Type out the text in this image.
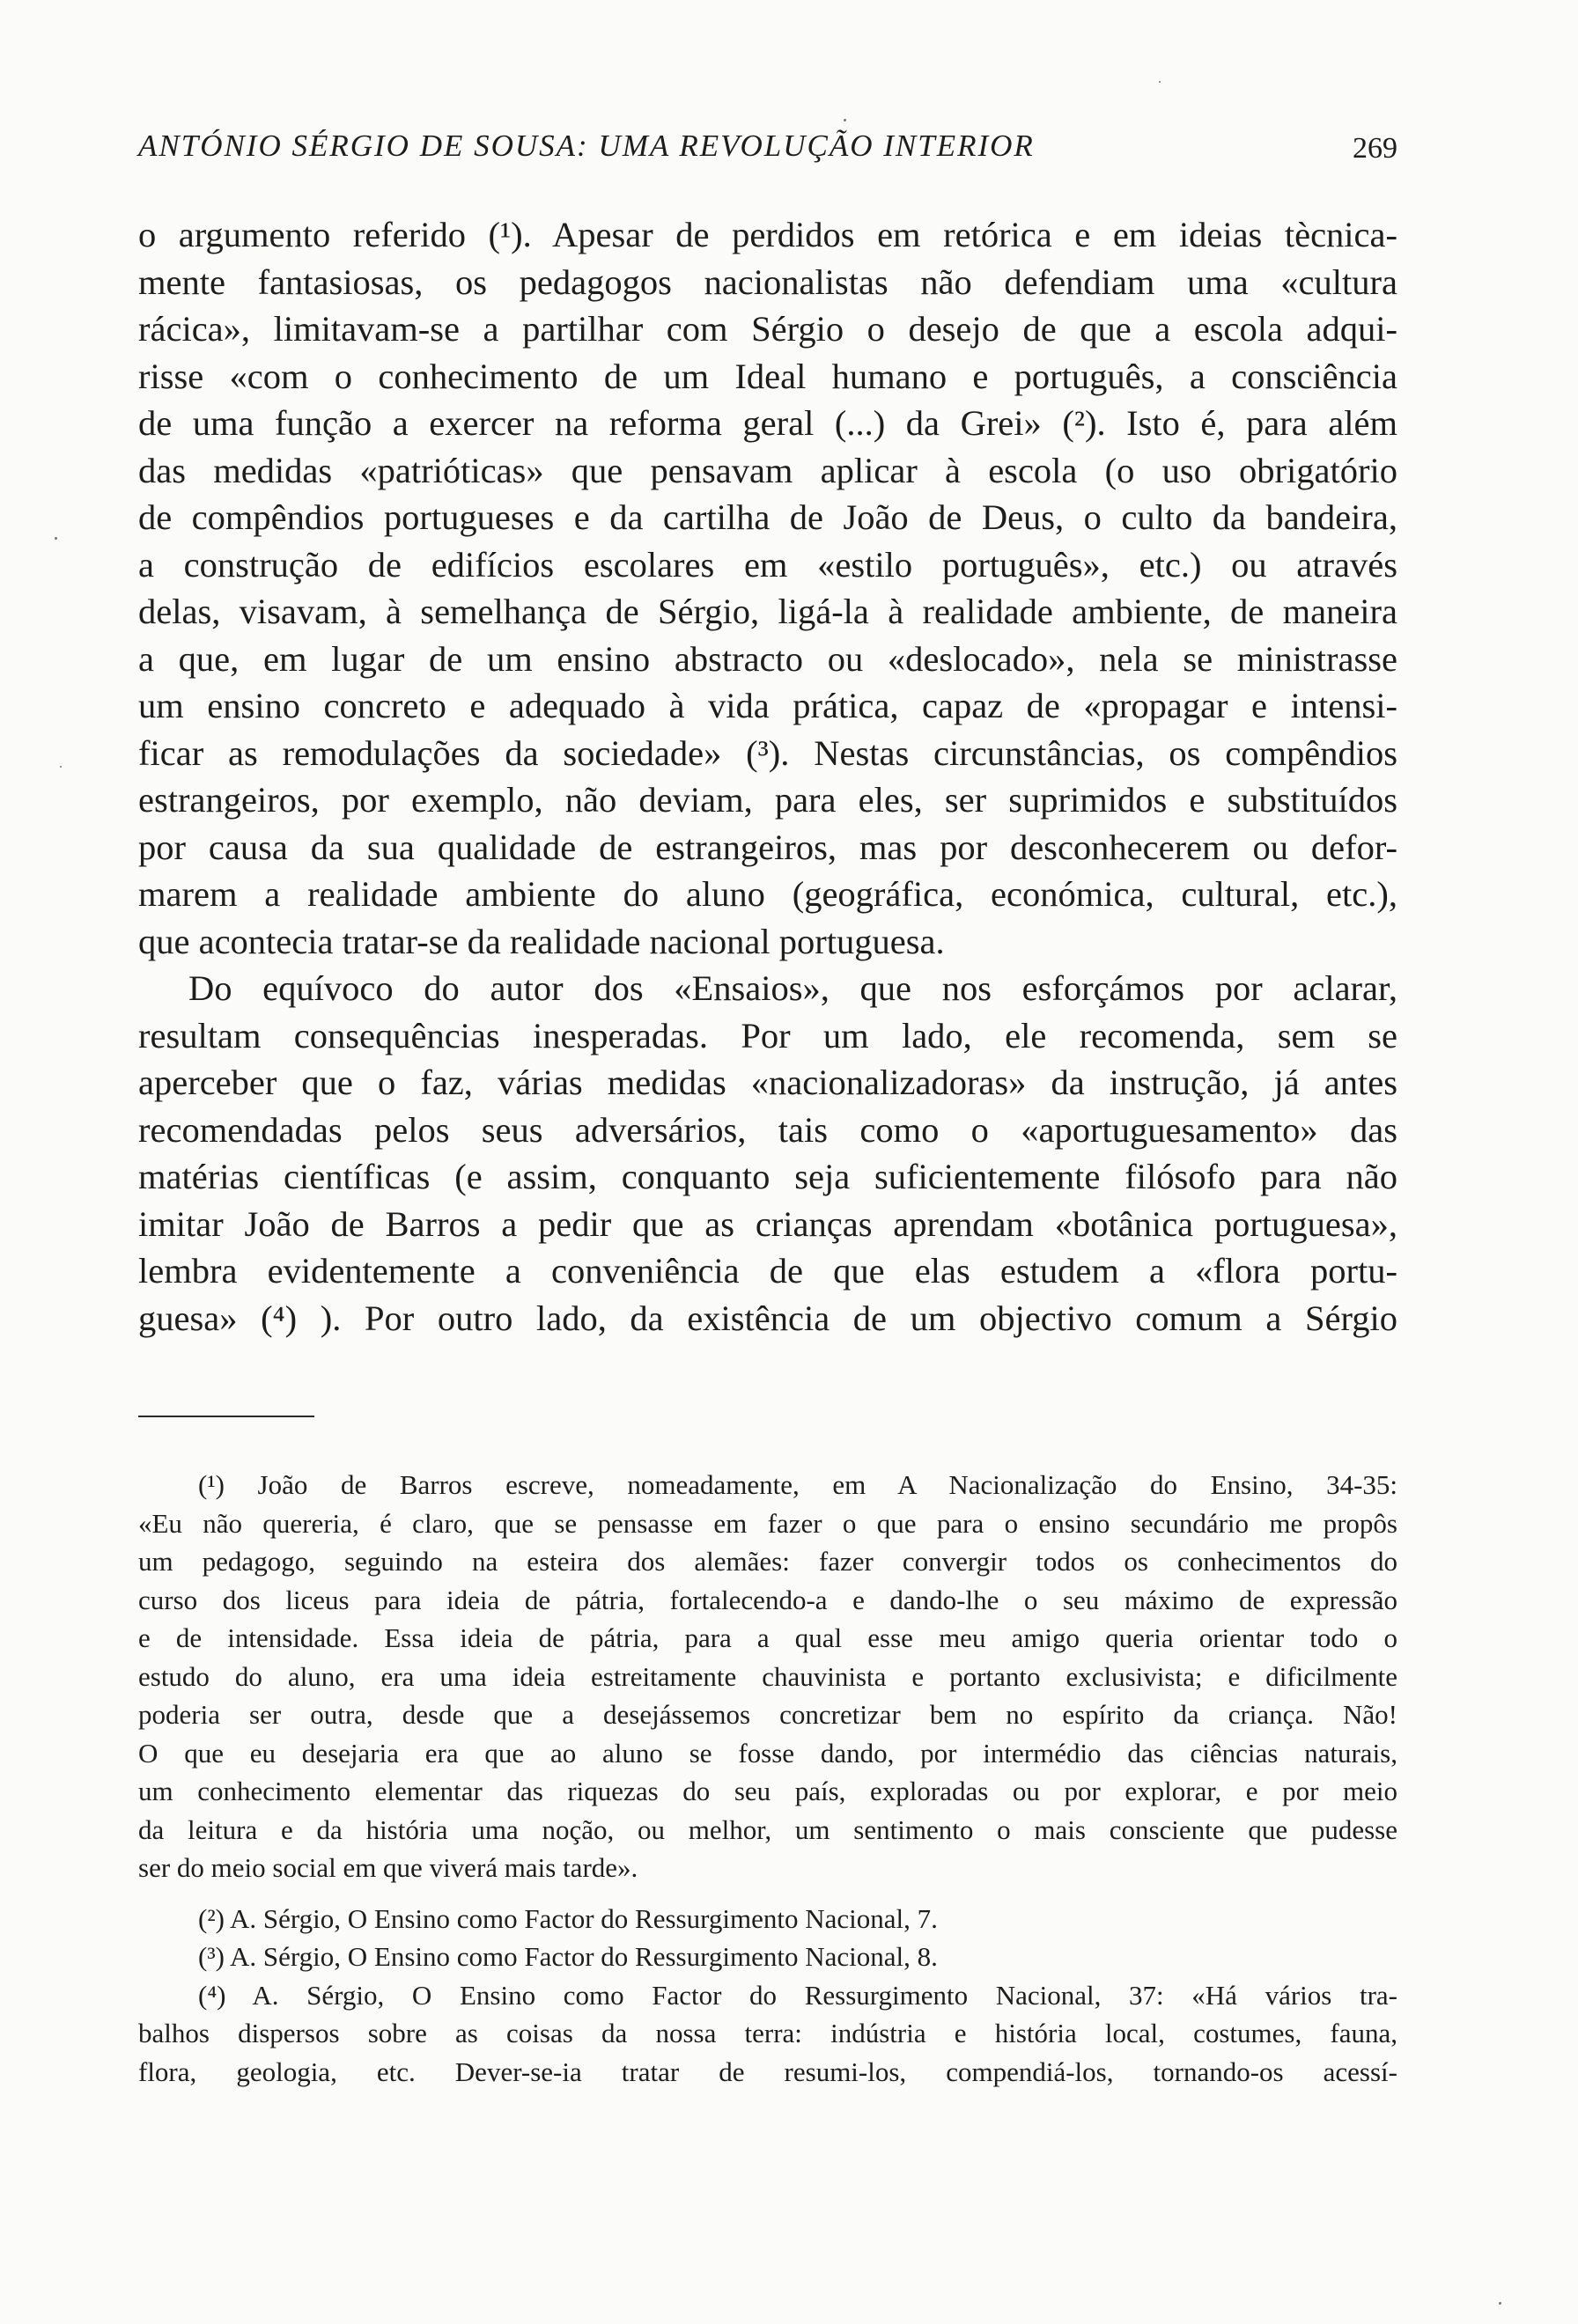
ANTÓNIO SÉRGIO DE SOUSA: UMA REVOLUÇÃO INTERIOR	269
o argumento referido (¹). Apesar de perdidos em retórica e em ideias tècnica-
mente fantasiosas, os pedagogos nacionalistas não defendiam uma «cultura
rácica», limitavam-se a partilhar com Sérgio o desejo de que a escola adqui-
risse «com o conhecimento de um Ideal humano e português, a consciência
de uma função a exercer na reforma geral (...) da Grei» (²). Isto é, para além
das medidas «patrióticas» que pensavam aplicar à escola (o uso obrigatório
de compêndios portugueses e da cartilha de João de Deus, o culto da bandeira,
a construção de edifícios escolares em «estilo português», etc.) ou através
delas, visavam, à semelhança de Sérgio, ligá-la à realidade ambiente, de maneira
a que, em lugar de um ensino abstracto ou «deslocado», nela se ministrasse
um ensino concreto e adequado à vida prática, capaz de «propagar e intensi-
ficar as remodulações da sociedade» (³). Nestas circunstâncias, os compêndios
estrangeiros, por exemplo, não deviam, para eles, ser suprimidos e substituídos
por causa da sua qualidade de estrangeiros, mas por desconhecerem ou defor-
marem a realidade ambiente do aluno (geográfica, económica, cultural, etc.),
que acontecia tratar-se da realidade nacional portuguesa.
Do equívoco do autor dos «Ensaios», que nos esforçámos por aclarar,
resultam consequências inesperadas. Por um lado, ele recomenda, sem se
aperceber que o faz, várias medidas «nacionalizadoras» da instrução, já antes
recomendadas pelos seus adversários, tais como o «aportuguesamento» das
matérias científicas (e assim, conquanto seja suficientemente filósofo para não
imitar João de Barros a pedir que as crianças aprendam «botânica portuguesa»,
lembra evidentemente a conveniência de que elas estudem a «flora portu-
guesa» (⁴) ). Por outro lado, da existência de um objectivo comum a Sérgio
(¹) João de Barros escreve, nomeadamente, em A Nacionalização do Ensino, 34-35:
«Eu não quereria, é claro, que se pensasse em fazer o que para o ensino secundário me propôs
um pedagogo, seguindo na esteira dos alemães: fazer convergir todos os conhecimentos do
curso dos liceus para ideia de pátria, fortalecendo-a e dando-lhe o seu máximo de expressão
e de intensidade. Essa ideia de pátria, para a qual esse meu amigo queria orientar todo o
estudo do aluno, era uma ideia estreitamente chauvinista e portanto exclusivista; e dificilmente
poderia ser outra, desde que a desejássemos concretizar bem no espírito da criança. Não!
O que eu desejaria era que ao aluno se fosse dando, por intermédio das ciências naturais,
um conhecimento elementar das riquezas do seu país, exploradas ou por explorar, e por meio
da leitura e da história uma noção, ou melhor, um sentimento o mais consciente que pudesse
ser do meio social em que viverá mais tarde».
(²) A. Sérgio, O Ensino como Factor do Ressurgimento Nacional, 7.
(³) A. Sérgio, O Ensino como Factor do Ressurgimento Nacional, 8.
(⁴) A. Sérgio, O Ensino como Factor do Ressurgimento Nacional, 37: «Há vários tra-
balhos dispersos sobre as coisas da nossa terra: indústria e história local, costumes, fauna,
flora, geologia, etc. Dever-se-ia tratar de resumi-los, compendiá-los, tornando-os acessí-
